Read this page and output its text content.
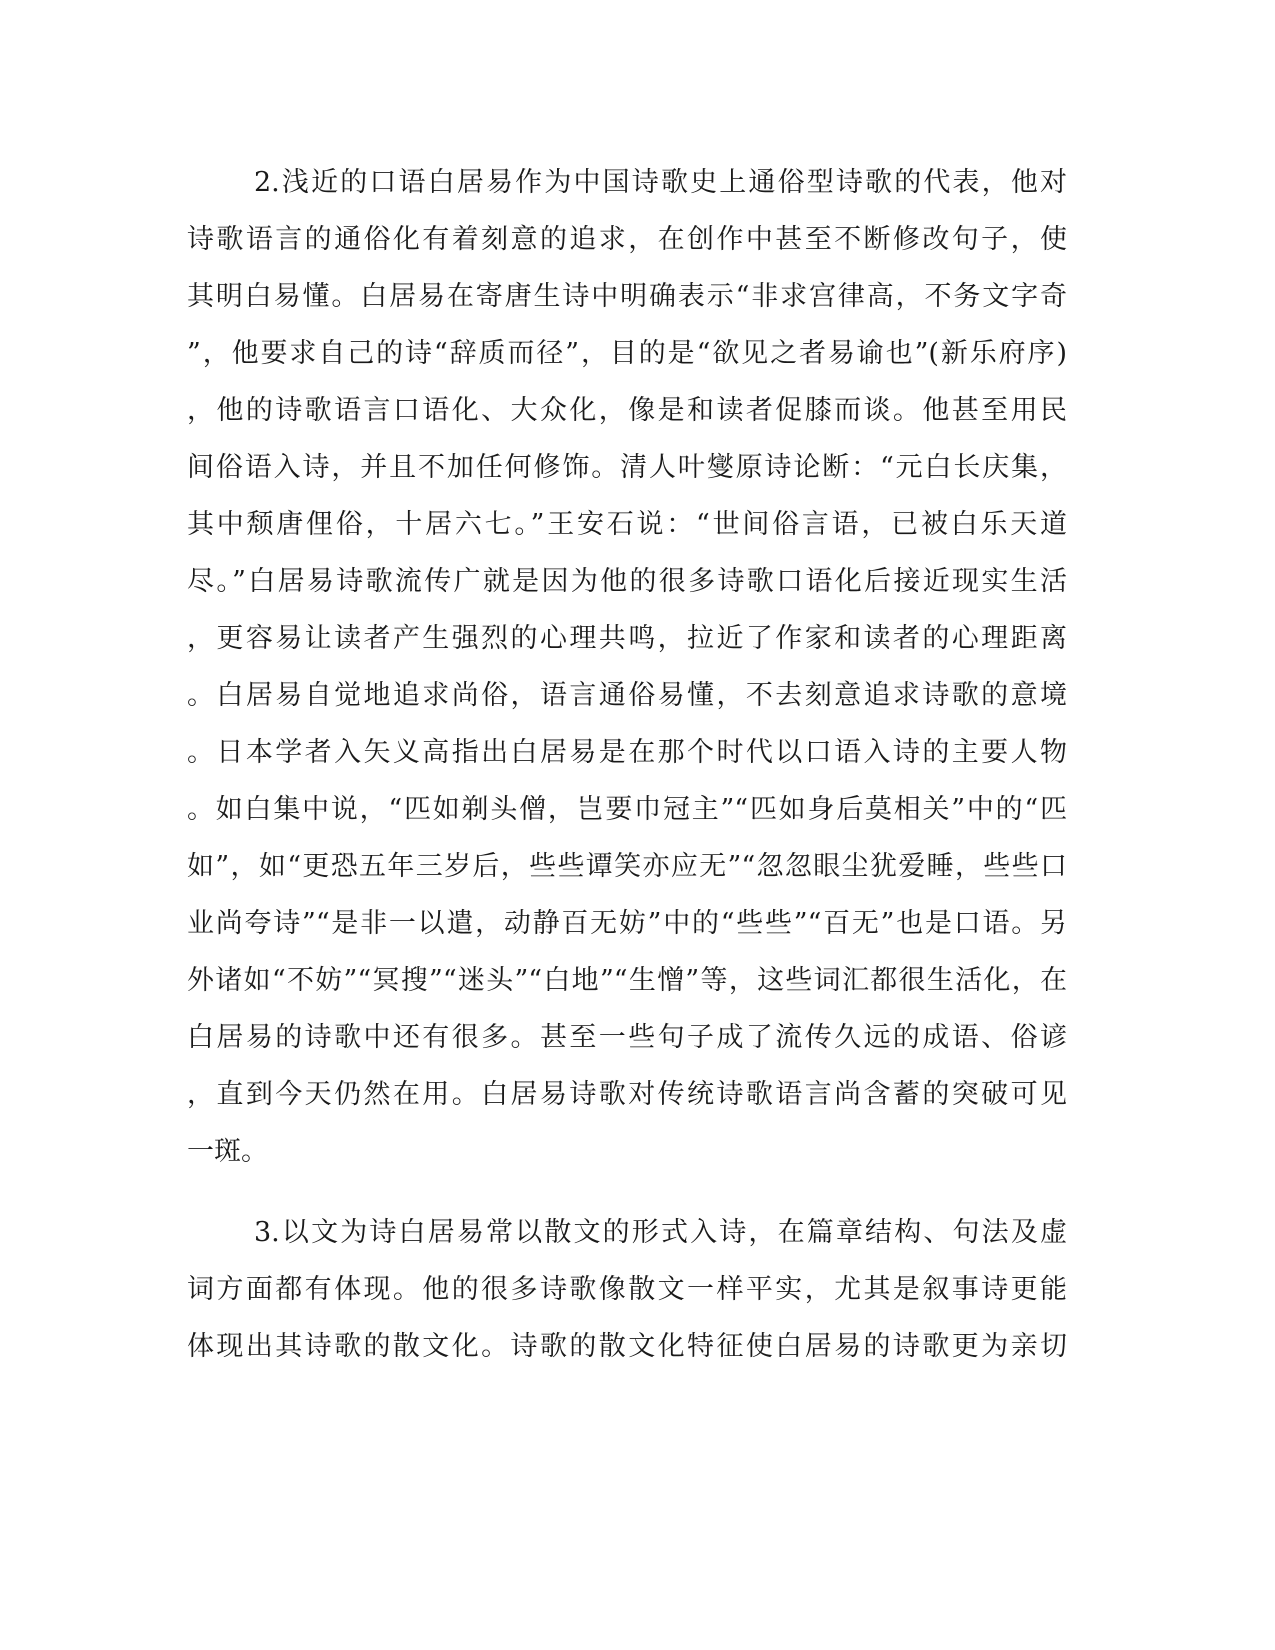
2.浅近的口语白居易作为中国诗歌史上通俗型诗歌的代表，他对
诗歌语言的通俗化有着刻意的追求，在创作中甚至不断修改句子，使
其明白易懂。白居易在寄唐生诗中明确表示“非求宫律高，不务文字奇
”，他要求自己的诗“辞质而径”，目的是“欲见之者易谕也”(新乐府序)
，他的诗歌语言口语化、大众化，像是和读者促膝而谈。他甚至用民
间俗语入诗，并且不加任何修饰。清人叶燮原诗论断：“元白长庆集，
其中颓唐俚俗，十居六七。”王安石说：“世间俗言语，已被白乐天道
尽。”白居易诗歌流传广就是因为他的很多诗歌口语化后接近现实生活
，更容易让读者产生强烈的心理共鸣，拉近了作家和读者的心理距离
。白居易自觉地追求尚俗，语言通俗易懂，不去刻意追求诗歌的意境
。日本学者入矢义高指出白居易是在那个时代以口语入诗的主要人物
。如白集中说，“匹如剃头僧，岂要巾冠主”“匹如身后莫相关”中的“匹
如”，如“更恐五年三岁后，些些谭笑亦应无”“忽忽眼尘犹爱睡，些些口
业尚夸诗”“是非一以遣，动静百无妨”中的“些些”“百无”也是口语。另
外诸如“不妨”“冥搜”“迷头”“白地”“生憎”等，这些词汇都很生活化，在
白居易的诗歌中还有很多。甚至一些句子成了流传久远的成语、俗谚
，直到今天仍然在用。白居易诗歌对传统诗歌语言尚含蓄的突破可见
一斑。
3.以文为诗白居易常以散文的形式入诗，在篇章结构、句法及虚
词方面都有体现。他的很多诗歌像散文一样平实，尤其是叙事诗更能
体现出其诗歌的散文化。诗歌的散文化特征使白居易的诗歌更为亲切
